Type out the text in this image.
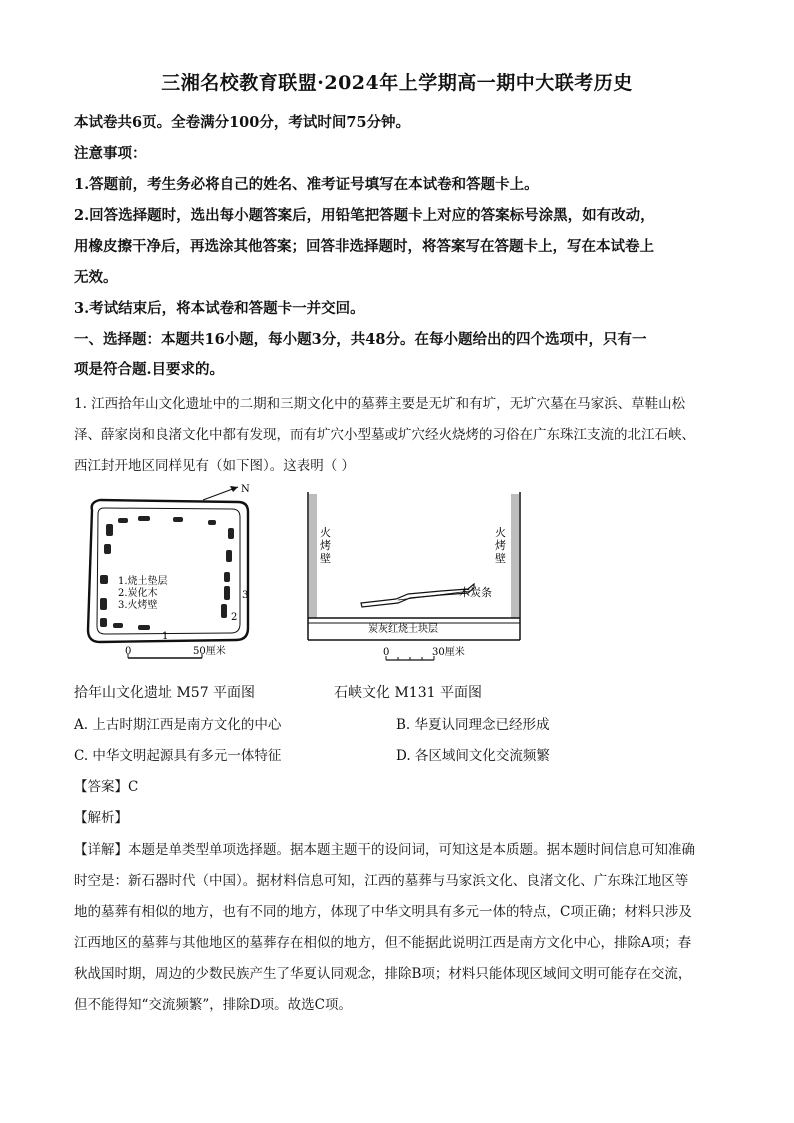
三湘名校教育联盟·2024年上学期高一期中大联考历史
本试卷共6页。全卷满分100分，考试时间75分钟。
注意事项：
1.答题前，考生务必将自己的姓名、准考证号填写在本试卷和答题卡上。
2.回答选择题时，选出每小题答案后，用铅笔把答题卡上对应的答案标号涂黑，如有改动，
用橡皮擦干净后，再选涂其他答案；回答非选择题时，将答案写在答题卡上，写在本试卷上
无效。
3.考试结束后，将本试卷和答题卡一并交回。
一、选择题：本题共16小题，每小题3分，共48分。在每小题给出的四个选项中，只有一
项是符合题.目要求的。
1. 江西拾年山文化遗址中的二期和三期文化中的墓葬主要是无圹和有圹，无圹穴墓在马家浜、草鞋山松
泽、薛家岗和良渚文化中都有发现，而有圹穴小型墓或圹穴经火烧烤的习俗在广东珠江支流的北江石峡、
西江封开地区同样见有（如下图）。这表明（ ）
N
1.烧土垫层
2.炭化木
3.火烤壁
2
3
1
0	50厘米
火 烤 壁
火 烤 壁
木炭条
炭灰红烧土块层
0	30厘米
拾年山文化遗址 M57 平面图	石峡文化 M131 平面图
A. 上古时期江西是南方文化的中心	B. 华夏认同理念已经形成
C. 中华文明起源具有多元一体特征	D. 各区域间文化交流频繁
【答案】C
【解析】
【详解】本题是单类型单项选择题。据本题主题干的设问词，可知这是本质题。据本题时间信息可知准确
时空是：新石器时代（中国）。据材料信息可知，江西的墓葬与马家浜文化、良渚文化、广东珠江地区等
地的墓葬有相似的地方，也有不同的地方，体现了中华文明具有多元一体的特点，C项正确；材料只涉及
江西地区的墓葬与其他地区的墓葬存在相似的地方，但不能据此说明江西是南方文化中心，排除A项；春
秋战国时期，周边的少数民族产生了华夏认同观念，排除B项；材料只能体现区域间文明可能存在交流，
但不能得知“交流频繁”，排除D项。故选C项。
